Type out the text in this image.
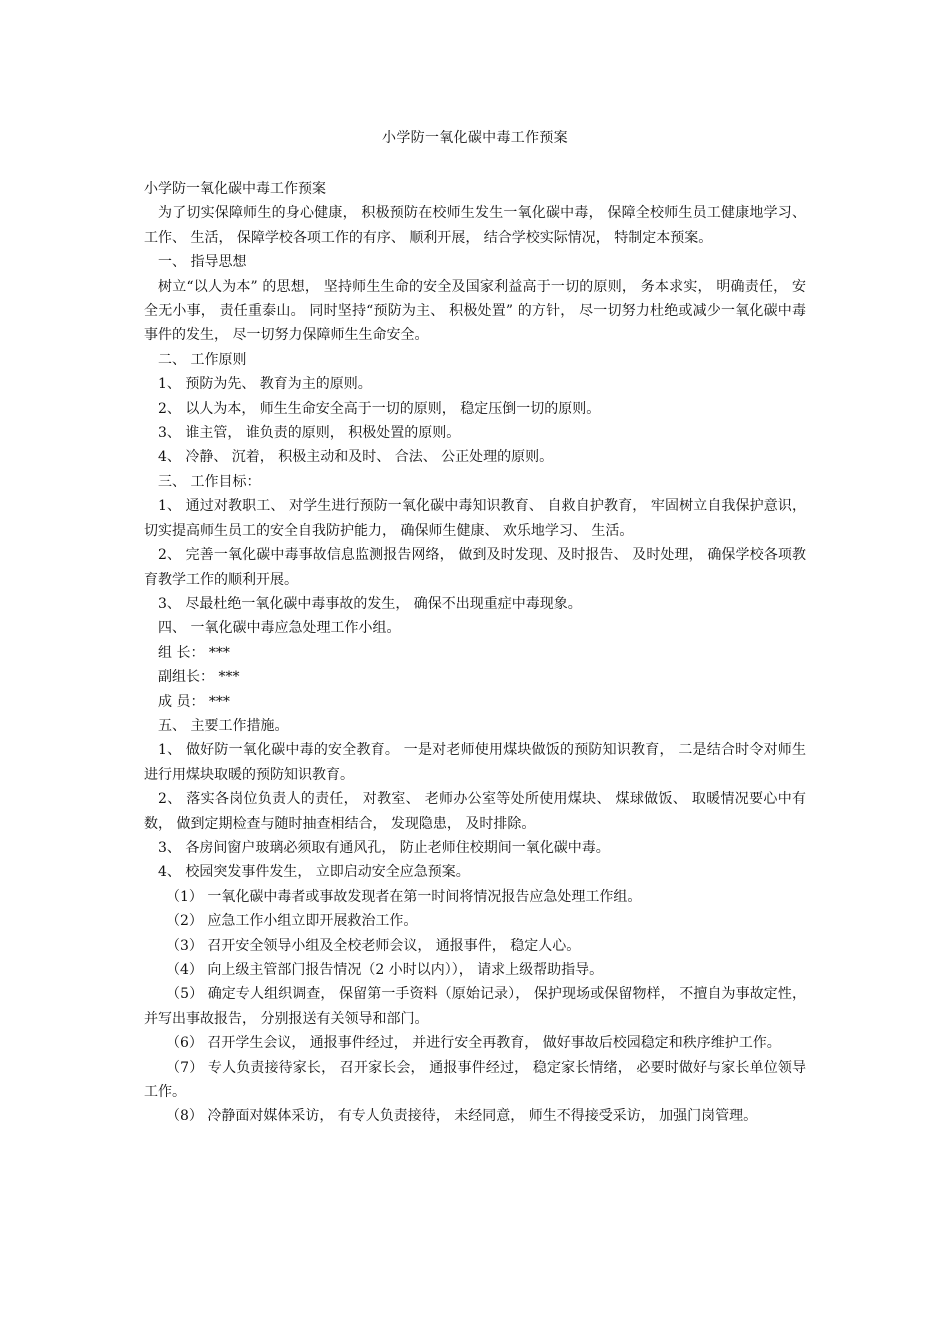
小学防一氧化碳中毒工作预案

小学防一氧化碳中毒工作预案

为了切实保障师生的身心健康， 积极预防在校师生发生一氧化碳中毒， 保障全校师生员工健康地学习、 工作、 生活， 保障学校各项工作的有序、 顺利开展， 结合学校实际情况， 特制定本预案。

一、 指导思想

树立“以人为本” 的思想， 坚持师生生命的安全及国家利益高于一切的原则， 务本求实， 明确责任， 安全无小事， 责任重泰山。 同时坚持“预防为主、 积极处置” 的方针， 尽一切努力杜绝或减少一氧化碳中毒事件的发生， 尽一切努力保障师生生命安全。

二、 工作原则

1、 预防为先、 教育为主的原则。

2、 以人为本， 师生生命安全高于一切的原则， 稳定压倒一切的原则。

3、 谁主管， 谁负责的原则， 积极处置的原则。

4、 冷静、 沉着， 积极主动和及时、 合法、 公正处理的原则。

三、 工作目标：

1、 通过对教职工、 对学生进行预防一氧化碳中毒知识教育、 自救自护教育， 牢固树立自我保护意识， 切实提高师生员工的安全自我防护能力， 确保师生健康、 欢乐地学习、 生活。

2、 完善一氧化碳中毒事故信息监测报告网络， 做到及时发现、及时报告、 及时处理， 确保学校各项教育教学工作的顺利开展。

3、 尽最杜绝一氧化碳中毒事故的发生， 确保不出现重症中毒现象。

四、 一氧化碳中毒应急处理工作小组。

组 长： ***

副组长： ***

成 员： ***

五、 主要工作措施。

1、 做好防一氧化碳中毒的安全教育。 一是对老师使用煤块做饭的预防知识教育， 二是结合时令对师生进行用煤块取暖的预防知识教育。

2、 落实各岗位负责人的责任， 对教室、 老师办公室等处所使用煤块、 煤球做饭、 取暖情况要心中有数， 做到定期检查与随时抽查相结合， 发现隐患， 及时排除。

3、 各房间窗户玻璃必须取有通风孔， 防止老师住校期间一氧化碳中毒。

4、 校园突发事件发生， 立即启动安全应急预案。

（1） 一氧化碳中毒者或事故发现者在第一时间将情况报告应急处理工作组。

（2） 应急工作小组立即开展救治工作。

（3） 召开安全领导小组及全校老师会议， 通报事件， 稳定人心。

（4） 向上级主管部门报告情况（2 小时以内））， 请求上级帮助指导。

（5） 确定专人组织调查， 保留第一手资料（原始记录）， 保护现场或保留物样， 不擅自为事故定性， 并写出事故报告， 分别报送有关领导和部门。

（6） 召开学生会议， 通报事件经过， 并进行安全再教育， 做好事故后校园稳定和秩序维护工作。

（7） 专人负责接待家长， 召开家长会， 通报事件经过， 稳定家长情绪， 必要时做好与家长单位领导工作。

（8） 冷静面对媒体采访， 有专人负责接待， 未经同意， 师生不得接受采访， 加强门岗管理。
